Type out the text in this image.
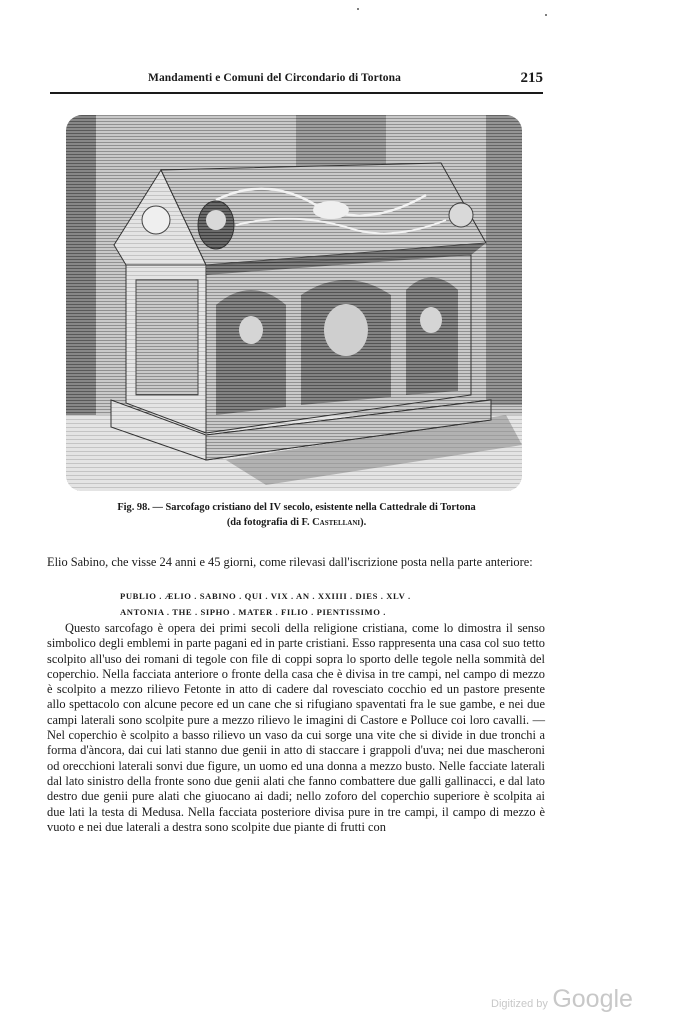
Mandamenti e Comuni del Circondario di Tortona	215
Fig. 98. — Sarcofago cristiano del IV secolo, esistente nella Cattedrale di Tortona
(da fotografia di F. Castellani).
Elio Sabino, che visse 24 anni e 45 giorni, come rilevasi dall'iscrizione posta nella parte anteriore:
PUBLIO . ÆLIO . SABINO . QUI . VIX . AN . XXIIII . DIES . XLV .
ANTONIA . THE . SIPHO . MATER . FILIO . PIENTISSIMO .
Questo sarcofago è opera dei primi secoli della religione cristiana, come lo dimostra il senso simbolico degli emblemi in parte pagani ed in parte cristiani. Esso rappresenta una casa col suo tetto scolpito all'uso dei romani di tegole con file di coppi sopra lo sporto delle tegole nella sommità del coperchio. Nella facciata anteriore o fronte della casa che è divisa in tre campi, nel campo di mezzo è scolpito a mezzo rilievo Fetonte in atto di cadere dal rovesciato cocchio ed un pastore presente allo spettacolo con alcune pecore ed un cane che si rifugiano spaventati fra le sue gambe, e nei due campi laterali sono scolpite pure a mezzo rilievo le imagini di Castore e Polluce coi loro cavalli. — Nel coperchio è scolpito a basso rilievo un vaso da cui sorge una vite che si divide in due tronchi a forma d'àncora, dai cui lati stanno due genii in atto di staccare i grappoli d'uva; nei due mascheroni od orecchioni laterali sonvi due figure, un uomo ed una donna a mezzo busto. Nelle facciate laterali dal lato sinistro della fronte sono due genii alati che fanno combattere due galli gallinacci, e dal lato destro due genii pure alati che giuocano ai dadi; nello zoforo del coperchio superiore è scolpita ai due lati la testa di Medusa. Nella facciata posteriore divisa pure in tre campi, il campo di mezzo è vuoto e nei due laterali a destra sono scolpite due piante di frutti con
Digitized by Google
